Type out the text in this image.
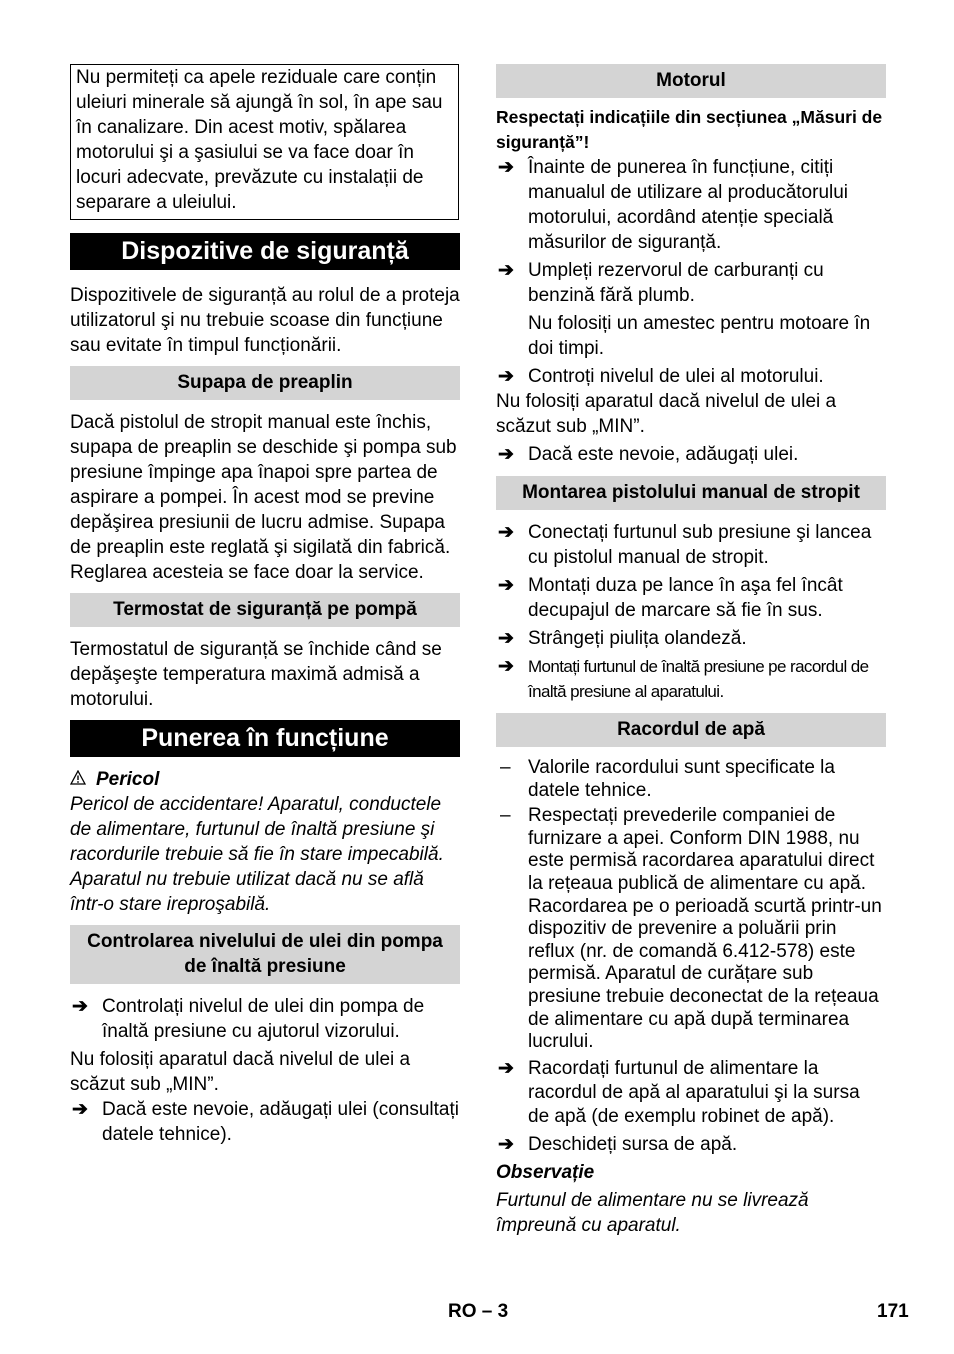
Nu permiteți ca apele reziduale care conțin uleiuri minerale să ajungă în sol, în ape sau în canalizare. Din acest motiv, spălarea motorului şi a şasiului se va face doar în locuri adecvate, prevăzute cu instalații de separare a uleiului.

Dispozitive de siguranță

Dispozitivele de siguranță au rolul de a proteja utilizatorul şi nu trebuie scoase din funcțiune sau evitate în timpul funcționării.

Supapa de preaplin

Dacă pistolul de stropit manual este închis, supapa de preaplin se deschide şi pompa sub presiune împinge apa înapoi spre partea de aspirare a pompei. În acest mod se previne depăşirea presiunii de lucru admise. Supapa de preaplin este reglată şi sigilată din fabrică. Reglarea acesteia se face doar la service.

Termostat de siguranță pe pompă

Termostatul de siguranță se închide când se depăşeşte temperatura maximă admisă a motorului.

Punerea în funcțiune

Pericol

Pericol de accidentare! Aparatul, conductele de alimentare, furtunul de înaltă presiune şi racordurile trebuie să fie în stare impecabilă. Aparatul nu trebuie utilizat dacă nu se află într-o stare ireproşabilă.

Controlarea nivelului de ulei din pompa de înaltă presiune
➔ Controlați nivelul de ulei din pompa de înaltă presiune cu ajutorul vizorului.

Nu folosiți aparatul dacă nivelul de ulei a scăzut sub „MIN”.

➔ Dacă este nevoie, adăugați ulei (consultați datele tehnice).
Motorul

Respectați indicațiile din secțiunea „Măsuri de siguranță”!

➔ Înainte de punerea în funcțiune, citiți manualul de utilizare al producătorului motorului, acordând atenție specială măsurilor de siguranță.
➔ Umpleți rezervorul de carburanți cu benzină fără plumb.

Nu folosiți un amestec pentru motoare în doi timpi.

➔ Controți nivelul de ulei al motorului.

Nu folosiți aparatul dacă nivelul de ulei a scăzut sub „MIN”.

➔ Dacă este nevoie, adăugați ulei.
Montarea pistolului manual de stropit
➔ Conectați furtunul sub presiune şi lancea cu pistolul manual de stropit.
➔ Montați duza pe lance în aşa fel încât decupajul de marcare să fie în sus.
➔ Strângeți piulița olandeză.
➔ Montați furtunul de înaltă presiune pe racordul de înaltă presiune al aparatului.
Racordul de apă
– Valorile racordului sunt specificate la datele tehnice.
– Respectați prevederile companiei de furnizare a apei. Conform DIN 1988, nu este permisă racordarea aparatului direct la rețeaua publică de alimentare cu apă. Racordarea pe o perioadă scurtă printr-un dispozitiv de prevenire a poluării prin reflux (nr. de comandă 6.412-578) este permisă. Aparatul de curățare sub presiune trebuie deconectat de la rețeaua de alimentare cu apă după terminarea lucrului.
➔ Racordați furtunul de alimentare la racordul de apă al aparatului şi la sursa de apă (de exemplu robinet de apă).
➔ Deschideți sursa de apă.

Observație

Furtunul de alimentare nu se livrează împreună cu aparatul.

RO – 3	171
